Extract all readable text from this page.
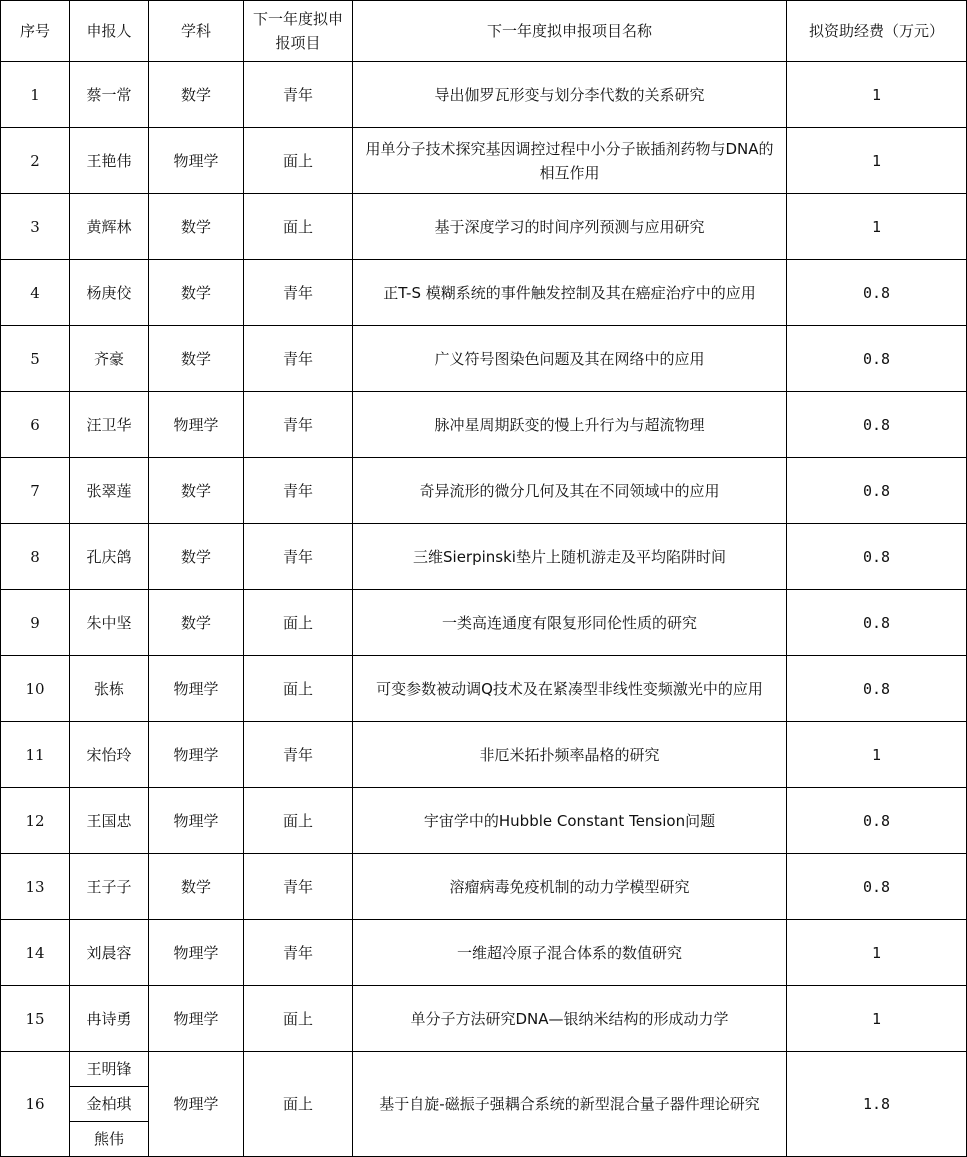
序号	申报人	学科	下一年度拟申报项目	下一年度拟申报项目名称	拟资助经费（万元）
1	蔡一常	数学	青年	导出伽罗瓦形变与划分李代数的关系研究	1
2	王艳伟	物理学	面上	用单分子技术探究基因调控过程中小分子嵌插剂药物与DNA的相互作用	1
3	黄辉林	数学	面上	基于深度学习的时间序列预测与应用研究	1
4	杨庚佼	数学	青年	正T-S 模糊系统的事件触发控制及其在癌症治疗中的应用	0.8
5	齐豪	数学	青年	广义符号图染色问题及其在网络中的应用	0.8
6	汪卫华	物理学	青年	脉冲星周期跃变的慢上升行为与超流物理	0.8
7	张翠莲	数学	青年	奇异流形的微分几何及其在不同领域中的应用	0.8
8	孔庆鸽	数学	青年	三维Sierpinski垫片上随机游走及平均陷阱时间	0.8
9	朱中坚	数学	面上	一类高连通度有限复形同伦性质的研究	0.8
10	张栋	物理学	面上	可变参数被动调Q技术及在紧凑型非线性变频激光中的应用	0.8
11	宋怡玲	物理学	青年	非厄米拓扑频率晶格的研究	1
12	王国忠	物理学	面上	宇宙学中的Hubble Constant Tension问题	0.8
13	王子子	数学	青年	溶瘤病毒免疫机制的动力学模型研究	0.8
14	刘晨容	物理学	青年	一维超冷原子混合体系的数值研究	1
15	冉诗勇	物理学	面上	单分子方法研究DNA—银纳米结构的形成动力学	1
16	王明锋	物理学	面上	基于自旋-磁振子强耦合系统的新型混合量子器件理论研究	1.8
	金柏琪				
	熊伟				
